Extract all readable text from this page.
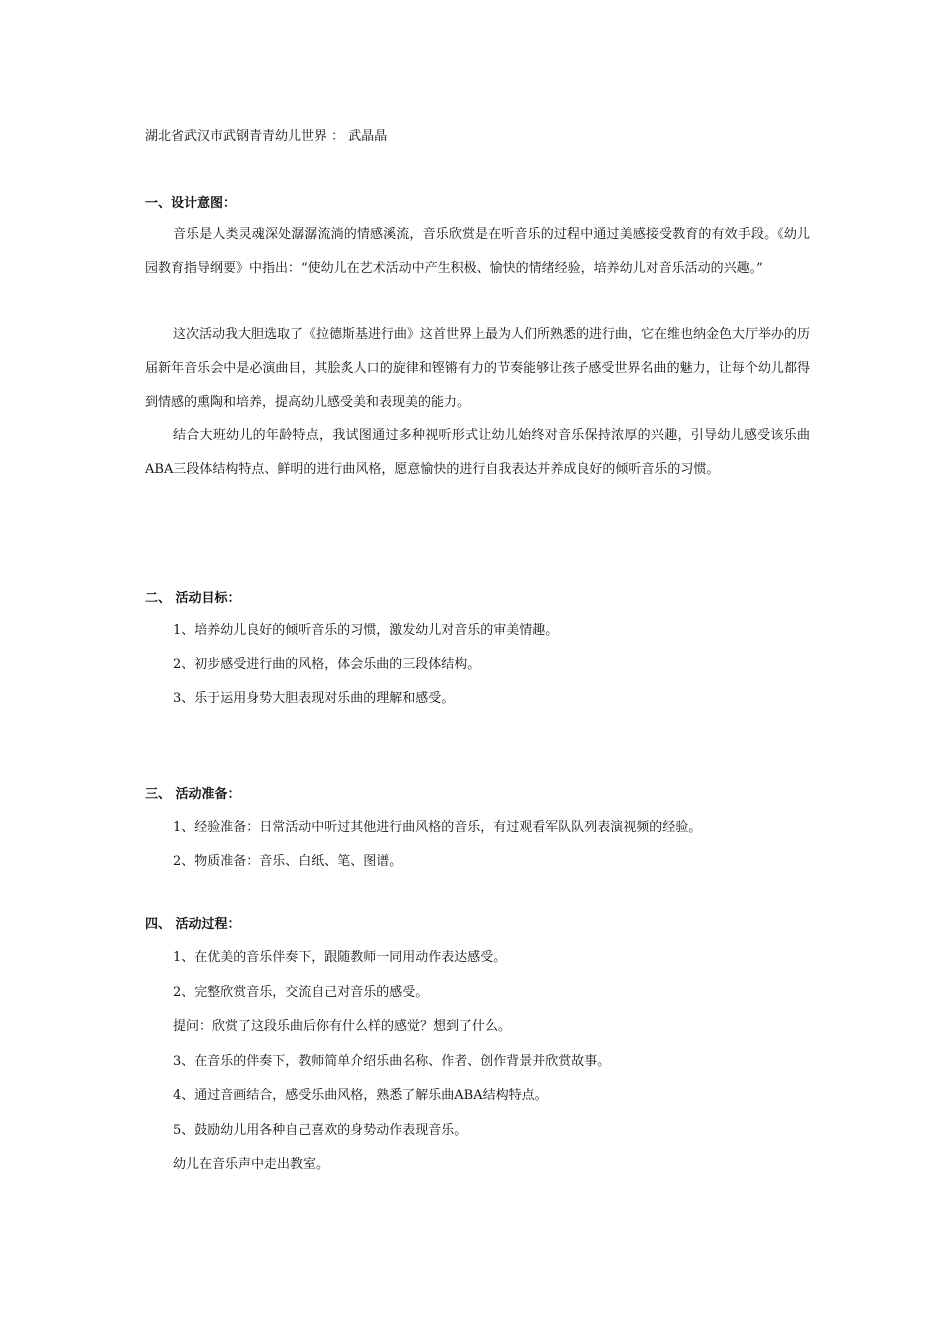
湖北省武汉市武钢青青幼儿世界 ： 武晶晶
一、设计意图：

音乐是人类灵魂深处潺潺流淌的情感溪流，音乐欣赏是在听音乐的过程中通过美感接受教育的有效手段。《幼儿园教育指导纲要》中指出：“使幼儿在艺术活动中产生积极、愉快的情绪经验，培养幼儿对音乐活动的兴趣。”

这次活动我大胆选取了《拉德斯基进行曲》这首世界上最为人们所熟悉的进行曲，它在维也纳金色大厅举办的历届新年音乐会中是必演曲目，其脍炙人口的旋律和铿锵有力的节奏能够让孩子感受世界名曲的魅力，让每个幼儿都得到情感的熏陶和培养，提高幼儿感受美和表现美的能力。

结合大班幼儿的年龄特点，我试图通过多种视听形式让幼儿始终对音乐保持浓厚的兴趣，引导幼儿感受该乐曲ABA三段体结构特点、鲜明的进行曲风格，愿意愉快的进行自我表达并养成良好的倾听音乐的习惯。

二、 活动目标：

1、培养幼儿良好的倾听音乐的习惯，激发幼儿对音乐的审美情趣。

2、初步感受进行曲的风格，体会乐曲的三段体结构。

3、乐于运用身势大胆表现对乐曲的理解和感受。

三、 活动准备：

1、经验准备：日常活动中听过其他进行曲风格的音乐，有过观看军队队列表演视频的经验。

2、物质准备：音乐、白纸、笔、图谱。

四、 活动过程：

1、在优美的音乐伴奏下，跟随教师一同用动作表达感受。

2、完整欣赏音乐，交流自己对音乐的感受。

提问：欣赏了这段乐曲后你有什么样的感觉？想到了什么。

3、在音乐的伴奏下，教师简单介绍乐曲名称、作者、创作背景并欣赏故事。

4、通过音画结合，感受乐曲风格，熟悉了解乐曲ABA结构特点。

5、鼓励幼儿用各种自己喜欢的身势动作表现音乐。

幼儿在音乐声中走出教室。
